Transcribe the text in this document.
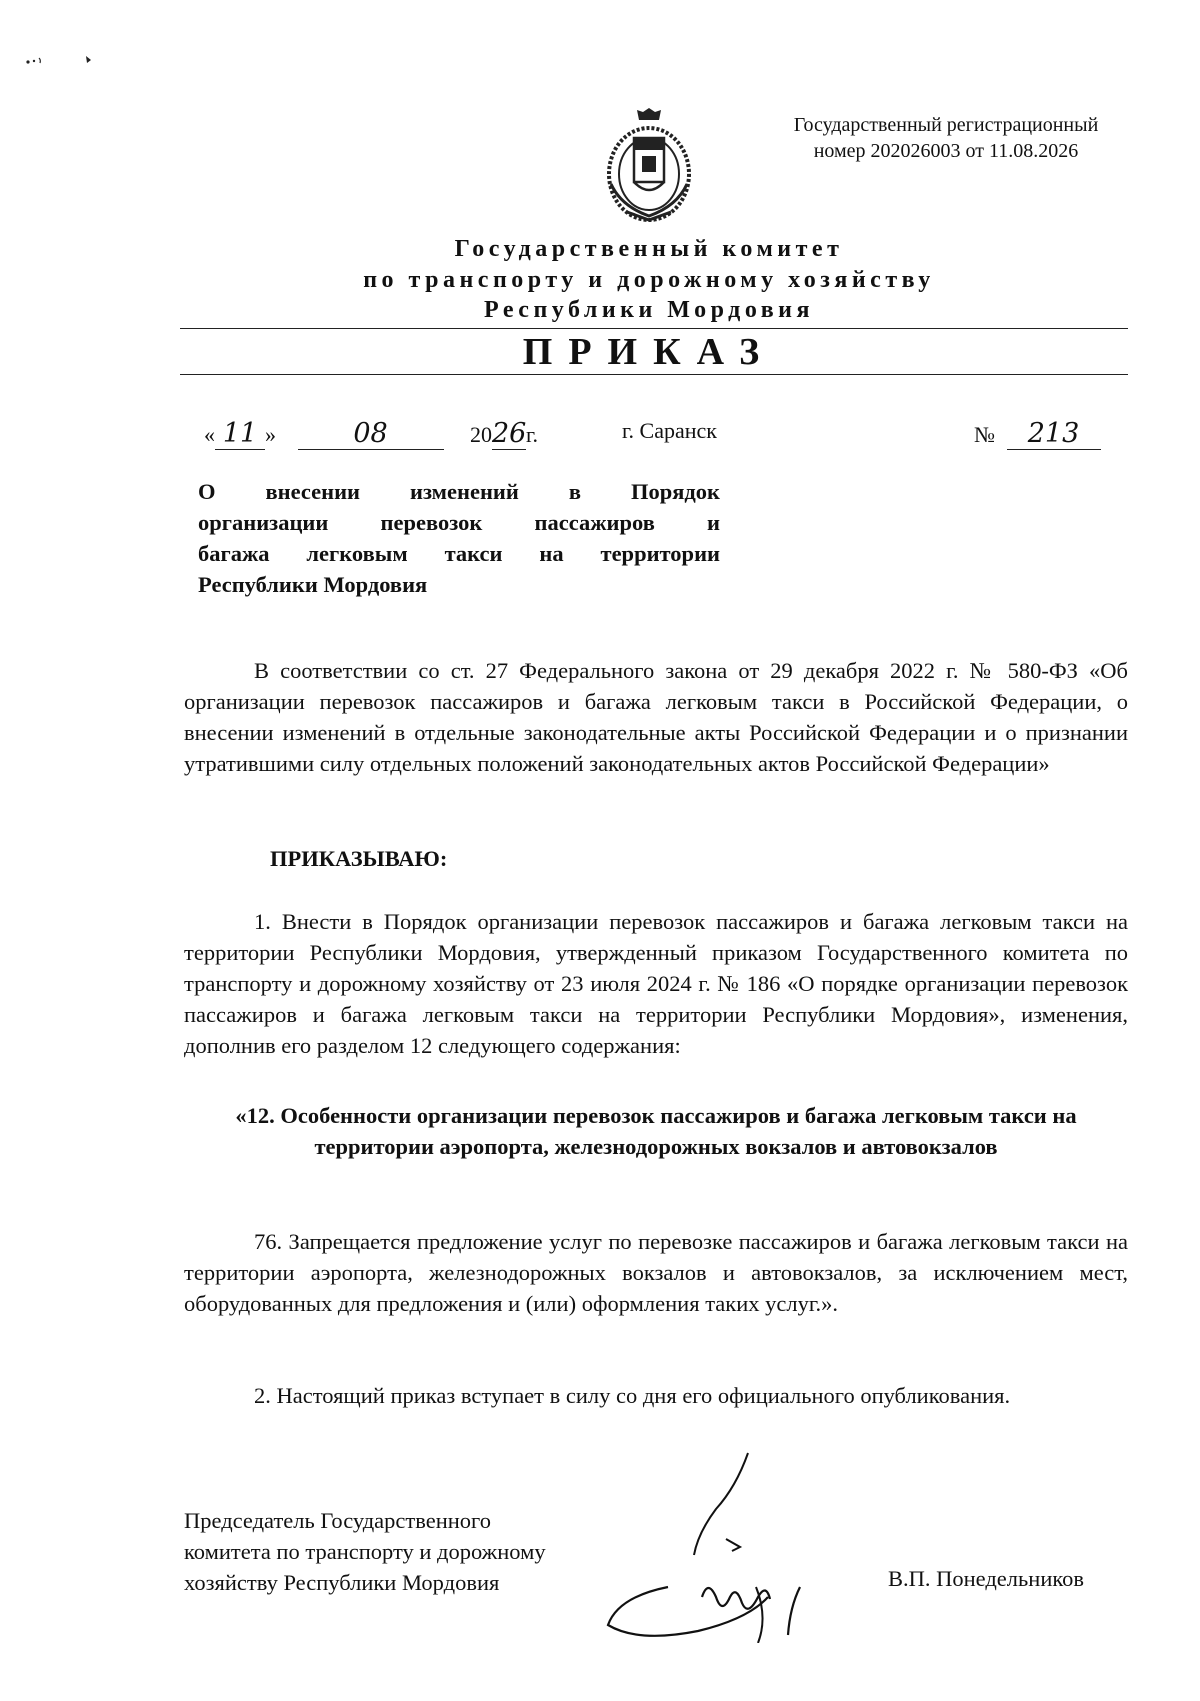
Государственный регистрационный
номер 202026003 от 11.08.2026
Государственный комитет
по транспорту и дорожному хозяйству
Республики Мордовия
ПРИКАЗ
« 11 »	08	2026г.	г. Саранск	№ 213
О внесении изменений в Порядок
организации перевозок пассажиров и
багажа легковым такси на территории
Республики Мордовия
В соответствии со ст. 27 Федерального закона от 29 декабря 2022 г. № 580-ФЗ «Об организации перевозок пассажиров и багажа легковым такси в Российской Федерации, о внесении изменений в отдельные законодательные акты Российской Федерации и о признании утратившими силу отдельных положений законодательных актов Российской Федерации»
ПРИКАЗЫВАЮ:
1. Внести в Порядок организации перевозок пассажиров и багажа легковым такси на территории Республики Мордовия, утвержденный приказом Государственного комитета по транспорту и дорожному хозяйству от 23 июля 2024 г. № 186 «О порядке организации перевозок пассажиров и багажа легковым такси на территории Республики Мордовия», изменения, дополнив его разделом 12 следующего содержания:
«12. Особенности организации перевозок пассажиров и багажа легковым такси на территории аэропорта, железнодорожных вокзалов и автовокзалов
76. Запрещается предложение услуг по перевозке пассажиров и багажа легковым такси на территории аэропорта, железнодорожных вокзалов и автовокзалов, за исключением мест, оборудованных для предложения и (или) оформления таких услуг.».
2. Настоящий приказ вступает в силу со дня его официального опубликования.
Председатель Государственного
комитета по транспорту и дорожному
хозяйству Республики Мордовия	В.П. Понедельников
